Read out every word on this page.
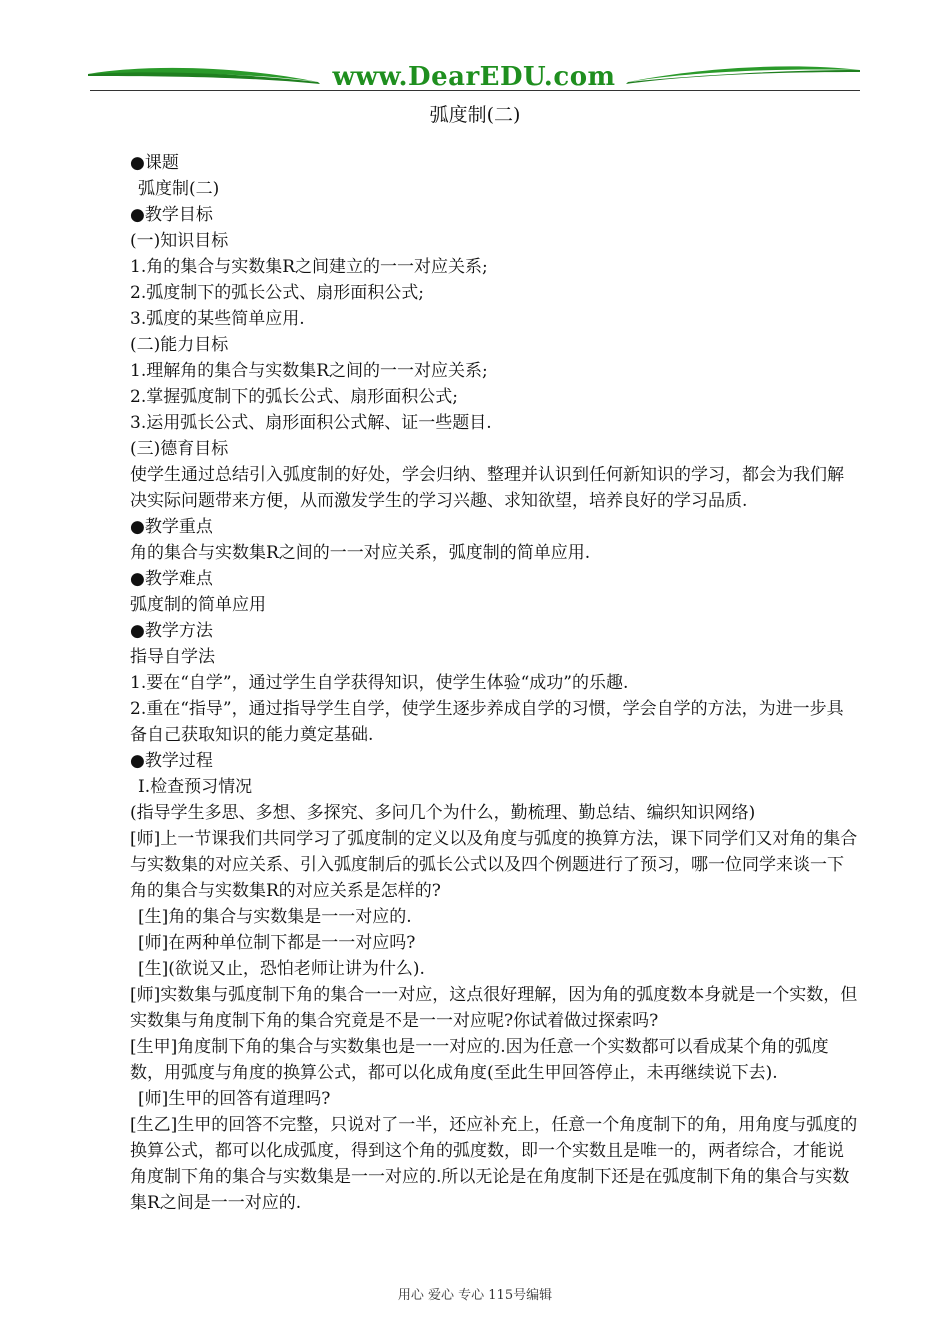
www.DearEDU.com
弧度制(二)

●课题

弧度制(二)

●教学目标

(一)知识目标

1.角的集合与实数集R之间建立的一一对应关系;

2.弧度制下的弧长公式、扇形面积公式;

3.弧度的某些简单应用.

(二)能力目标

1.理解角的集合与实数集R之间的一一对应关系;

2.掌握弧度制下的弧长公式、扇形面积公式;

3.运用弧长公式、扇形面积公式解、证一些题目.

(三)德育目标

使学生通过总结引入弧度制的好处，学会归纳、整理并认识到任何新知识的学习，都会为我们解决实际问题带来方便，从而激发学生的学习兴趣、求知欲望，培养良好的学习品质.

●教学重点

角的集合与实数集R之间的一一对应关系，弧度制的简单应用.

●教学难点

弧度制的简单应用

●教学方法

指导自学法

1.要在“自学”，通过学生自学获得知识，使学生体验“成功”的乐趣.

2.重在“指导”，通过指导学生自学，使学生逐步养成自学的习惯，学会自学的方法，为进一步具备自己获取知识的能力奠定基础.

●教学过程

Ⅰ.检查预习情况

(指导学生多思、多想、多探究、多问几个为什么，勤梳理、勤总结、编织知识网络)

[师]上一节课我们共同学习了弧度制的定义以及角度与弧度的换算方法，课下同学们又对角的集合与实数集的对应关系、引入弧度制后的弧长公式以及四个例题进行了预习，哪一位同学来谈一下角的集合与实数集R的对应关系是怎样的?

[生]角的集合与实数集是一一对应的.

[师]在两种单位制下都是一一对应吗?

[生](欲说又止，恐怕老师让讲为什么).

[师]实数集与弧度制下角的集合一一对应，这点很好理解，因为角的弧度数本身就是一个实数，但实数集与角度制下角的集合究竟是不是一一对应呢?你试着做过探索吗?

[生甲]角度制下角的集合与实数集也是一一对应的.因为任意一个实数都可以看成某个角的弧度数，用弧度与角度的换算公式，都可以化成角度(至此生甲回答停止，未再继续说下去).

[师]生甲的回答有道理吗?

[生乙]生甲的回答不完整，只说对了一半，还应补充上，任意一个角度制下的角，用角度与弧度的换算公式，都可以化成弧度，得到这个角的弧度数，即一个实数且是唯一的，两者综合，才能说角度制下角的集合与实数集是一一对应的.所以无论是在角度制下还是在弧度制下角的集合与实数集R之间是一一对应的.

用心 爱心 专心 115号编辑
